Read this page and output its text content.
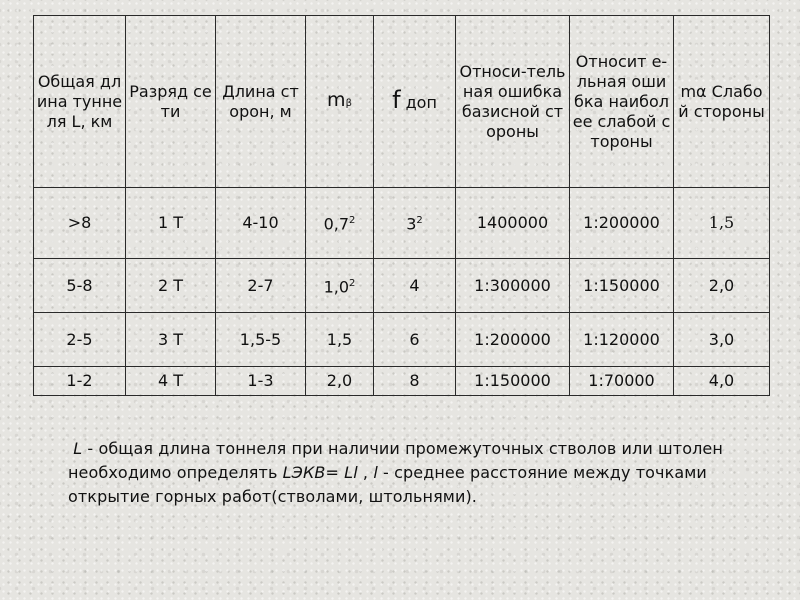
Общая длина туннеля L, км	Разряд сети	Длина сторон, м	mβ	f доп	Относи-тельная ошибка базисной стороны	Относит е-льная ошибка наиболее слабой стороны	mα Слабой стороны
>8	1 Т	4-10	$0,7^2$	$3^2$	1400000	1:200000	1,5
5-8	2 Т	2-7	$1,0^2$	4	1:300000	1:150000	2,0
2-5	3 Т	1,5-5	1,5	6	1:200000	1:120000	3,0
1-2	4 Т	1-3	2,0	8	1:150000	1:70000	4,0
L - общая длина тоннеля при наличии промежуточных стволов или штолен необходимо определять LЭКВ= Ll , l - среднее расстояние между точками открытие горных работ(стволами, штольнями).
